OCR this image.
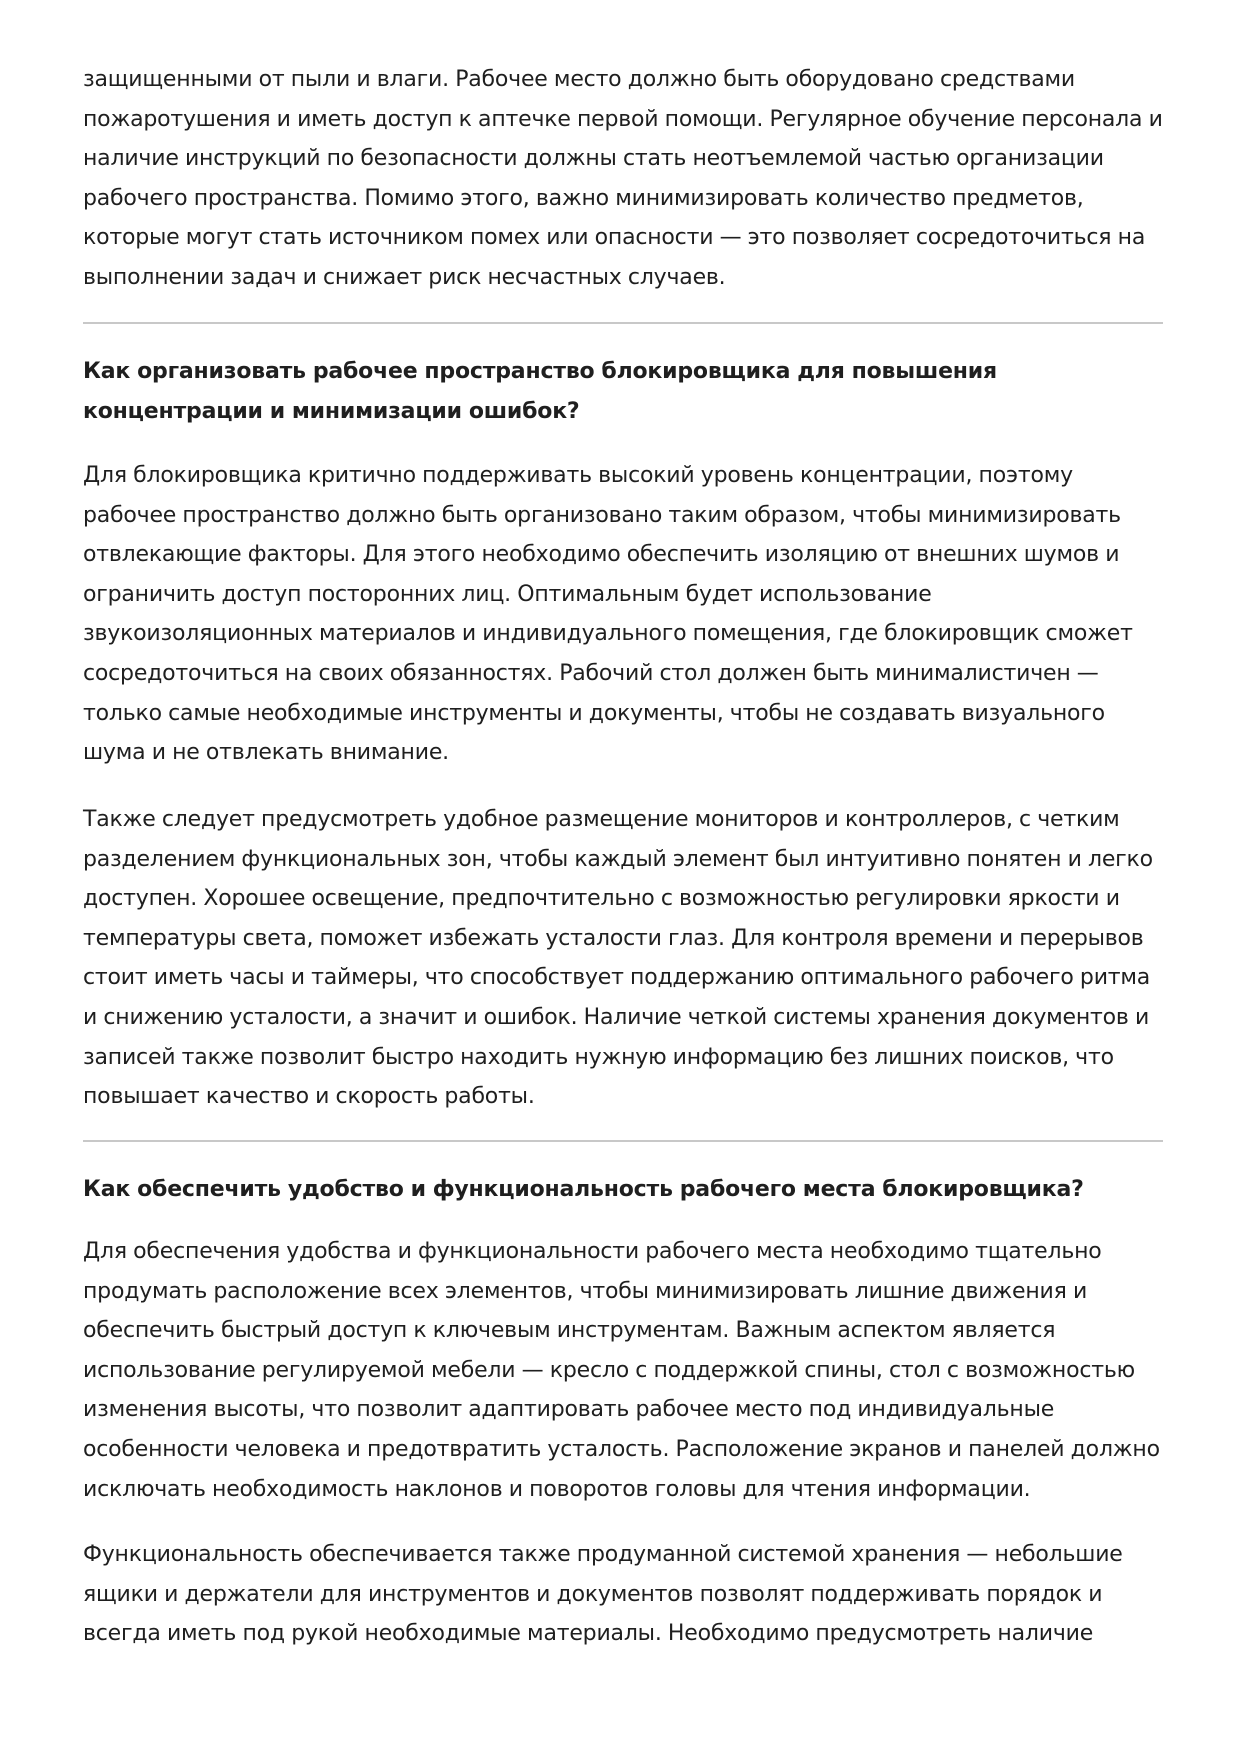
защищенными от пыли и влаги. Рабочее место должно быть оборудовано средствами пожаротушения и иметь доступ к аптечке первой помощи. Регулярное обучение персонала и наличие инструкций по безопасности должны стать неотъемлемой частью организации рабочего пространства. Помимо этого, важно минимизировать количество предметов, которые могут стать источником помех или опасности — это позволяет сосредоточиться на выполнении задач и снижает риск несчастных случаев.

Как организовать рабочее пространство блокировщика для повышения концентрации и минимизации ошибок?

Для блокировщика критично поддерживать высокий уровень концентрации, поэтому рабочее пространство должно быть организовано таким образом, чтобы минимизировать отвлекающие факторы. Для этого необходимо обеспечить изоляцию от внешних шумов и ограничить доступ посторонних лиц. Оптимальным будет использование звукоизоляционных материалов и индивидуального помещения, где блокировщик сможет сосредоточиться на своих обязанностях. Рабочий стол должен быть минималистичен — только самые необходимые инструменты и документы, чтобы не создавать визуального шума и не отвлекать внимание.

Также следует предусмотреть удобное размещение мониторов и контроллеров, с четким разделением функциональных зон, чтобы каждый элемент был интуитивно понятен и легко доступен. Хорошее освещение, предпочтительно с возможностью регулировки яркости и температуры света, поможет избежать усталости глаз. Для контроля времени и перерывов стоит иметь часы и таймеры, что способствует поддержанию оптимального рабочего ритма и снижению усталости, а значит и ошибок. Наличие четкой системы хранения документов и записей также позволит быстро находить нужную информацию без лишних поисков, что повышает качество и скорость работы.

Как обеспечить удобство и функциональность рабочего места блокировщика?

Для обеспечения удобства и функциональности рабочего места необходимо тщательно продумать расположение всех элементов, чтобы минимизировать лишние движения и обеспечить быстрый доступ к ключевым инструментам. Важным аспектом является использование регулируемой мебели — кресло с поддержкой спины, стол с возможностью изменения высоты, что позволит адаптировать рабочее место под индивидуальные особенности человека и предотвратить усталость. Расположение экранов и панелей должно исключать необходимость наклонов и поворотов головы для чтения информации.

Функциональность обеспечивается также продуманной системой хранения — небольшие ящики и держатели для инструментов и документов позволят поддерживать порядок и всегда иметь под рукой необходимые материалы. Необходимо предусмотреть наличие
